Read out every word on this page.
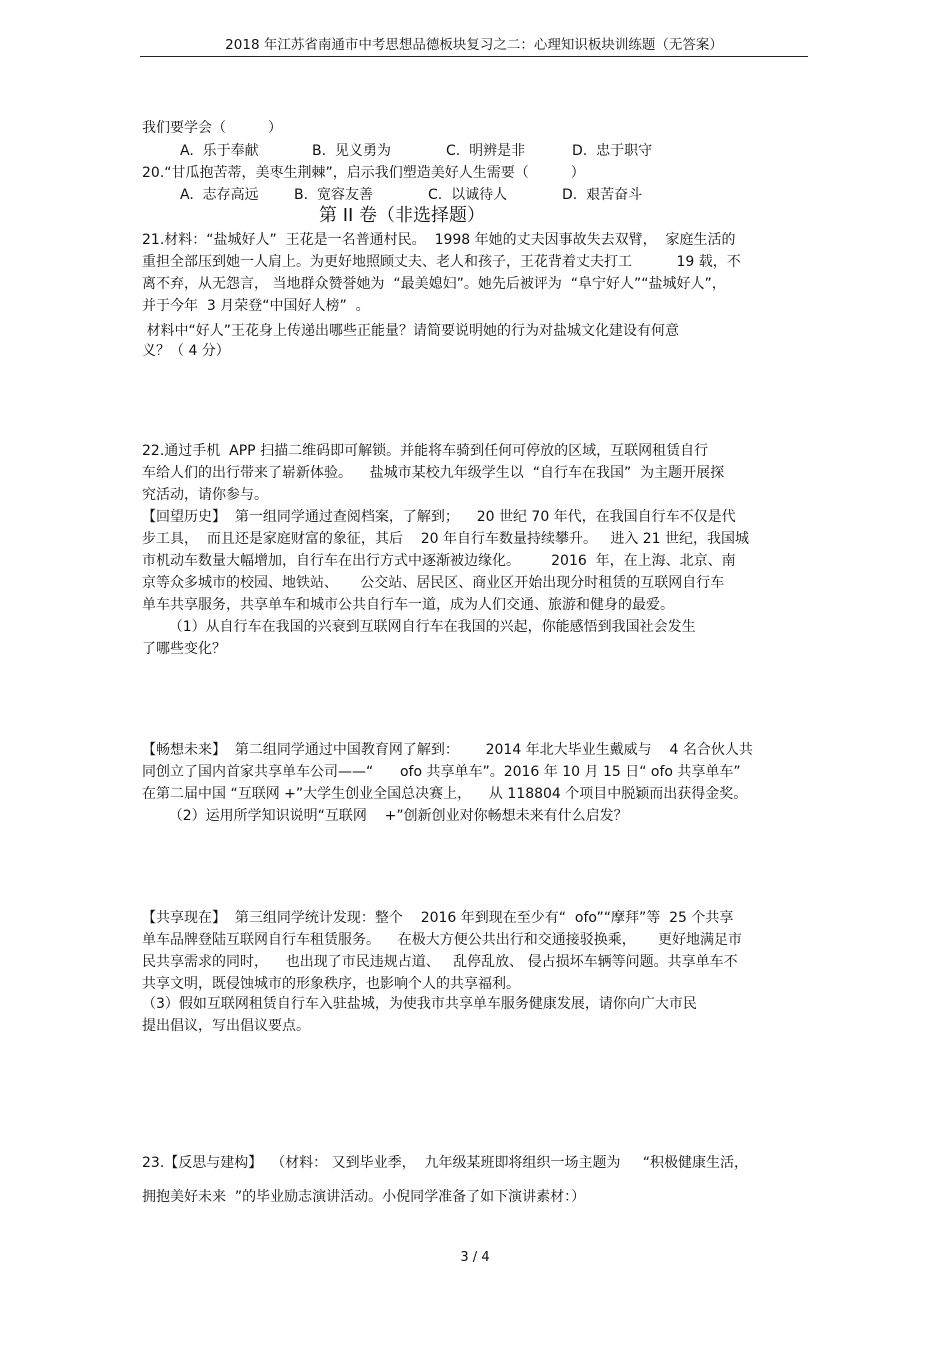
2018 年江苏省南通市中考思想品德板块复习之二：心理知识板块训练题（无答案）
我们要学会（　　　）
A.  乐于奉献	B.  见义勇为	C.  明辨是非	D.  忠于职守
20.“甘瓜抱苦蒂，美枣生荆棘”，启示我们塑造美好人生需要（　　　）
A.  志存高远	B.  宽容友善	C.  以诚待人	D.  艰苦奋斗
第 II 卷（非选择题）
21.材料：“盐城好人”  王花是一名普通村民。  1998 年她的丈夫因事故失去双臂，  家庭生活的
重担全部压到她一人肩上。为更好地照顾丈夫、老人和孩子，王花背着丈夫打工          19 载，不
离不弃，从无怨言， 当地群众赞誉她为  “最美媳妇”。她先后被评为  “阜宁好人”“盐城好人”，
并于今年  3 月荣登“中国好人榜”  。
材料中“好人”王花身上传递出哪些正能量？请简要说明她的行为对盐城文化建设有何意
义？（ 4 分）
22.通过手机  APP 扫描二维码即可解锁。并能将车骑到任何可停放的区域，互联网租赁自行
车给人们的出行带来了崭新体验。    盐城市某校九年级学生以  “自行车在我国”  为主题开展探
究活动，请你参与。
【回望历史】  第一组同学通过查阅档案，了解到；    20 世纪 70 年代，在我国自行车不仅是代
步工具，  而且还是家庭财富的象征，其后    20 年自行车数量持续攀升。   进入 21 世纪，我国城
市机动车数量大幅增加，自行车在出行方式中逐渐被边缘化。       2016  年，在上海、北京、南
京等众多城市的校园、地铁站、     公交站、居民区、商业区开始出现分时租赁的互联网自行车
单车共享服务，共享单车和城市公共自行车一道，成为人们交通、旅游和健身的最爱。
（1）从自行车在我国的兴衰到互联网自行车在我国的兴起，你能感悟到我国社会发生
了哪些变化？
【畅想未来】  第二组同学通过中国教育网了解到：      2014 年北大毕业生戴威与    4 名合伙人共
同创立了国内首家共享单车公司——“      ofo 共享单车”。2016 年 10 月 15 日“ ofo 共享单车”
在第二届中国 “互联网 +”大学生创业全国总决赛上，    从 118804 个项目中脱颖而出获得金奖。
（2）运用所学知识说明“互联网    +”创新创业对你畅想未来有什么启发？
【共享现在】  第三组同学统计发现：整个    2016 年到现在至少有“  ofo”“摩拜”等  25 个共享
单车品牌登陆互联网自行车租赁服务。    在极大方便公共出行和交通接驳换乘，     更好地满足市
民共享需求的同时，    也出现了市民违规占道、   乱停乱放、 侵占损坏车辆等问题。共享单车不
共享文明，既侵蚀城市的形象秩序，也影响个人的共享福利。
（3）假如互联网租赁自行车入驻盐城，为使我市共享单车服务健康发展，请你向广大市民
提出倡议，写出倡议要点。
23.【反思与建构】  （材料： 又到毕业季，  九年级某班即将组织一场主题为     “积极健康生活，
拥抱美好未来  ”的毕业励志演讲活动。小倪同学准备了如下演讲素材：）
3 / 4
